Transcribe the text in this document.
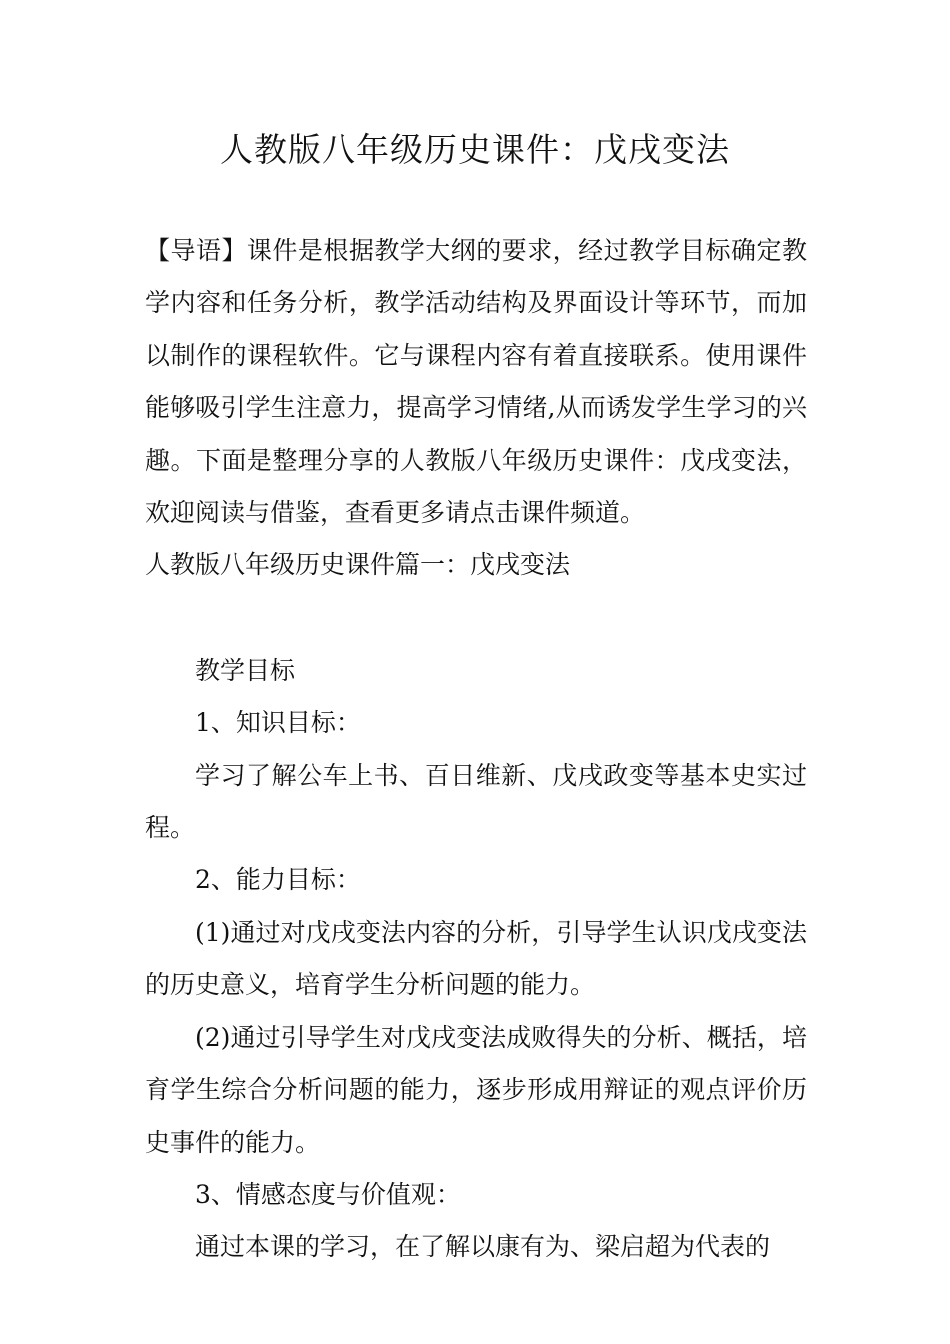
人教版八年级历史课件：戊戌变法

【导语】课件是根据教学大纲的要求，经过教学目标确定教学内容和任务分析，教学活动结构及界面设计等环节，而加以制作的课程软件。它与课程内容有着直接联系。使用课件能够吸引学生注意力，提高学习情绪,从而诱发学生学习的兴趣。下面是整理分享的人教版八年级历史课件：戊戌变法，欢迎阅读与借鉴，查看更多请点击课件频道。

人教版八年级历史课件篇一：戊戌变法

教学目标

1、知识目标：

学习了解公车上书、百日维新、戊戌政变等基本史实过程。

2、能力目标：

(1)通过对戊戌变法内容的分析，引导学生认识戊戌变法的历史意义，培育学生分析问题的能力。

(2)通过引导学生对戊戌变法成败得失的分析、概括，培育学生综合分析问题的能力，逐步形成用辩证的观点评价历史事件的能力。

3、情感态度与价值观：

通过本课的学习，在了解以康有为、梁启超为代表的
